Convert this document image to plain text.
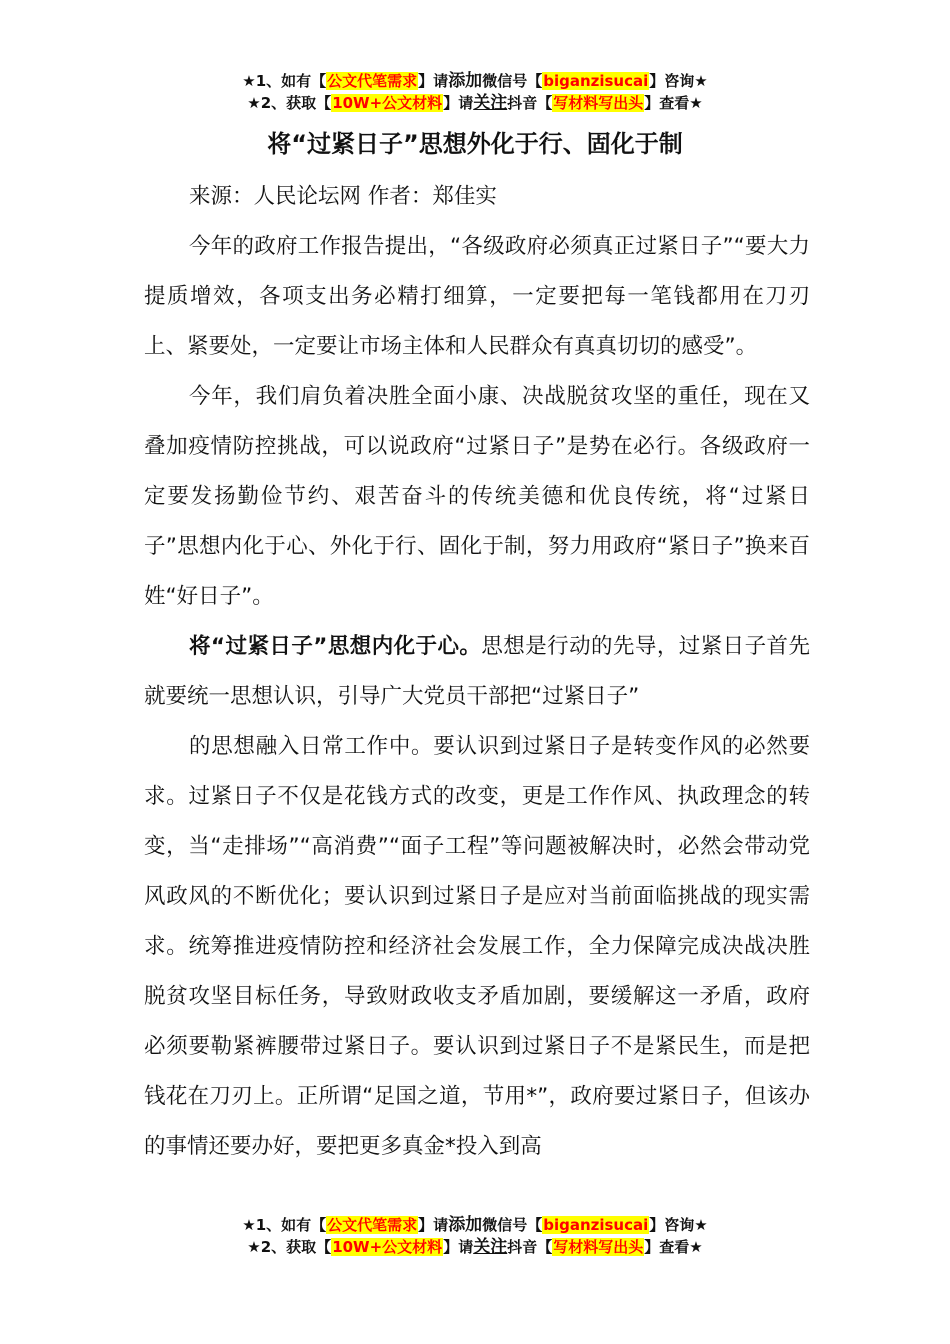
★1、如有【公文代笔需求】请添加微信号【biganzisucai】咨询★
★2、获取【10W+公文材料】请关注抖音【写材料写出头】查看★
将“过紧日子”思想外化于行、固化于制

来源：人民论坛网 作者：郑佳实

今年的政府工作报告提出，“各级政府必须真正过紧日子”“要大力提质增效，各项支出务必精打细算，一定要把每一笔钱都用在刀刃上、紧要处，一定要让市场主体和人民群众有真真切切的感受”。

今年，我们肩负着决胜全面小康、决战脱贫攻坚的重任，现在又叠加疫情防控挑战，可以说政府“过紧日子”是势在必行。各级政府一定要发扬勤俭节约、艰苦奋斗的传统美德和优良传统，将“过紧日子”思想内化于心、外化于行、固化于制，努力用政府“紧日子”换来百姓“好日子”。

将“过紧日子”思想内化于心。思想是行动的先导，过紧日子首先就要统一思想认识，引导广大党员干部把“过紧日子”

的思想融入日常工作中。要认识到过紧日子是转变作风的必然要求。过紧日子不仅是花钱方式的改变，更是工作作风、执政理念的转变，当“走排场”“高消费”“面子工程”等问题被解决时，必然会带动党风政风的不断优化；要认识到过紧日子是应对当前面临挑战的现实需求。统筹推进疫情防控和经济社会发展工作，全力保障完成决战决胜脱贫攻坚目标任务，导致财政收支矛盾加剧，要缓解这一矛盾，政府必须要勒紧裤腰带过紧日子。要认识到过紧日子不是紧民生，而是把钱花在刀刃上。正所谓“足国之道，节用*”，政府要过紧日子，但该办的事情还要办好，要把更多真金*投入到高

★1、如有【公文代笔需求】请添加微信号【biganzisucai】咨询★
★2、获取【10W+公文材料】请关注抖音【写材料写出头】查看★
